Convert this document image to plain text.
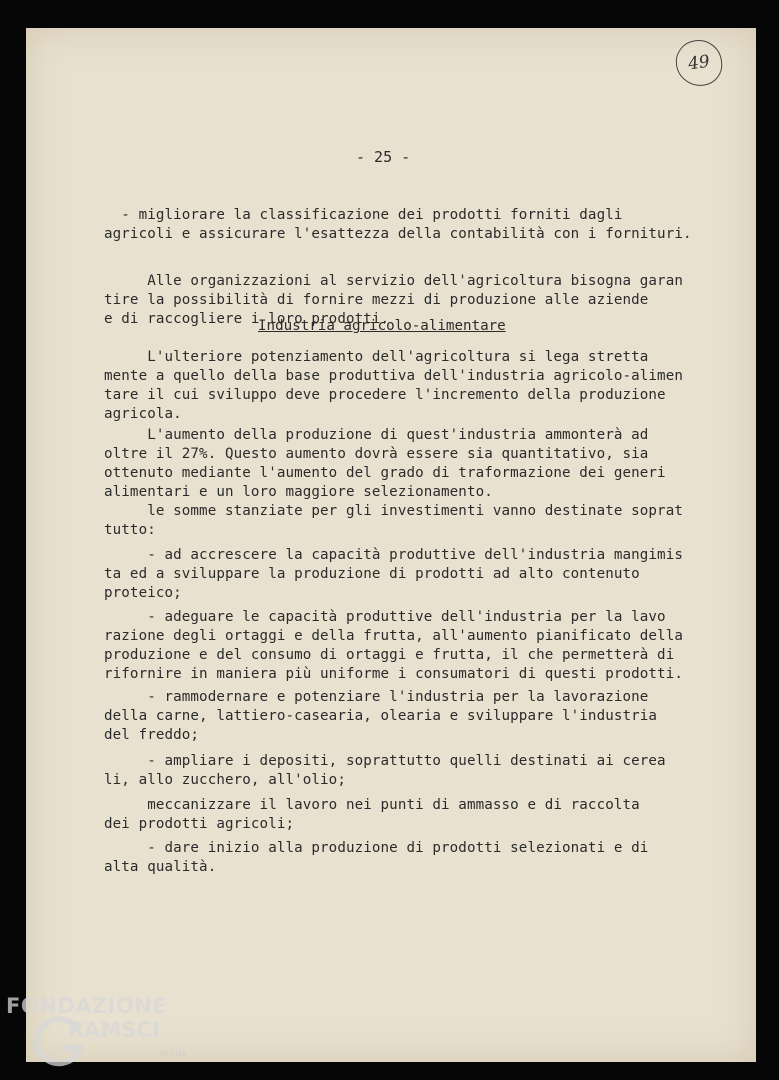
49
- 25 -
- migliorare la classificazione dei prodotti forniti dagli
agricoli e assicurare l'esattezza della contabilità con i fornituri.
Alle organizzazioni al servizio dell'agricoltura bisogna garan
tire la possibilità di fornire mezzi di produzione alle aziende
e di raccogliere i loro prodotti.
Industria agricolo-alimentare
L'ulteriore potenziamento dell'agricoltura si lega stretta
mente a quello della base produttiva dell'industria agricolo-alimen
tare il cui sviluppo deve procedere l'incremento della produzione
agricola.
L'aumento della produzione di quest'industria ammonterà ad
oltre il 27%. Questo aumento dovrà essere sia quantitativo, sia
ottenuto mediante l'aumento del grado di traformazione dei generi
alimentari e un loro maggiore selezionamento.
le somme stanziate per gli investimenti vanno destinate soprat
tutto:
- ad accrescere la capacità produttive dell'industria mangimis
ta ed a sviluppare la produzione di prodotti ad alto contenuto
proteico;
- adeguare le capacità produttive dell'industria per la lavo
razione degli ortaggi e della frutta, all'aumento pianificato della
produzione e del consumo di ortaggi e frutta, il che permetterà di
rifornire in maniera più uniforme i consumatori di questi prodotti.
- rammodernare e potenziare l'industria per la lavorazione
della carne, lattiero-casearia, olearia e sviluppare l'industria
del freddo;
- ampliare i depositi, soprattutto quelli destinati ai cerea
li, allo zucchero, all'olio;
meccanizzare il lavoro nei punti di ammasso e di raccolta
dei prodotti agricoli;
- dare inizio alla produzione di prodotti selezionati e di
alta qualità.
FONDAZIONE
RAMSCI
onlus
